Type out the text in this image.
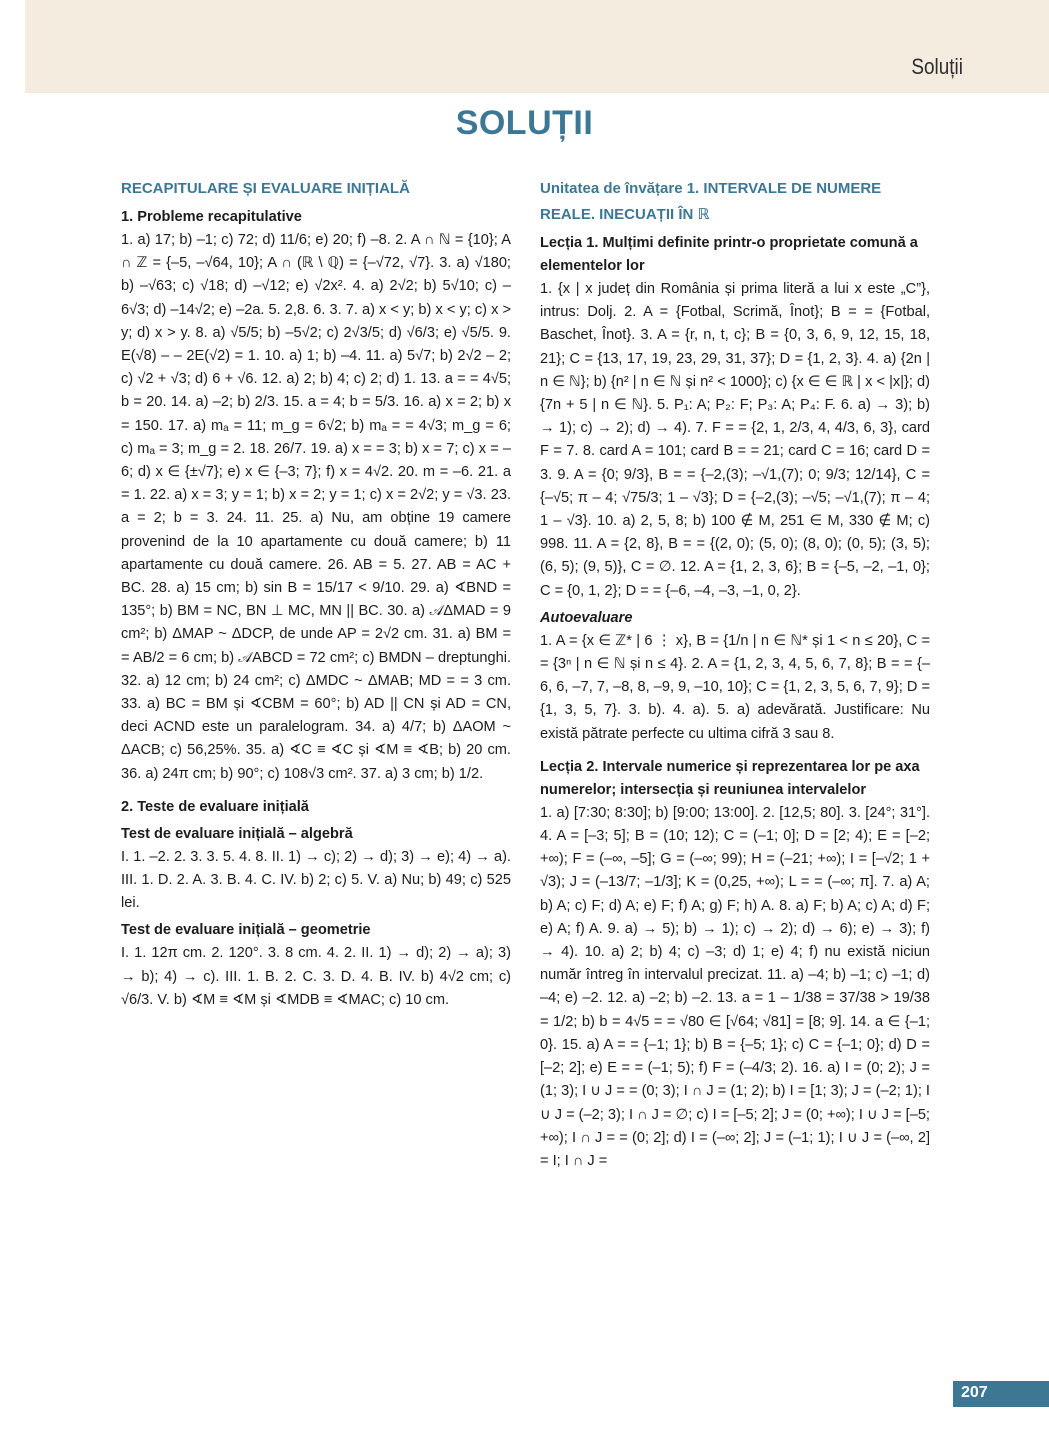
Soluții
SOLUȚII
RECAPITULARE ȘI EVALUARE INIȚIALĂ
1. Probleme recapitulative

1. a) 17; b) –1; c) 72; d) 11/6; e) 20; f) –8. 2. A ∩ ℕ = {10}; A ∩ ℤ = {–5, –√64, 10}; A ∩ (ℝ \ ℚ) = {–√72, √7}. 3. a) √180; b) –√63; c) √18; d) –√12; e) √2x². 4. a) 2√2; b) 5√10; c) –6√3; d) –14√2; e) –2a. 5. 2,8. 6. 3. 7. a) x < y; b) x < y; c) x > y; d) x > y. 8. a) √5/5; b) –5√2; c) 2√3/5; d) √6/3; e) √5/5. 9. E(√8) – – 2E(√2) = 1. 10. a) 1; b) –4. 11. a) 5√7; b) 2√2 – 2; c) √2 + √3; d) 6 + √6. 12. a) 2; b) 4; c) 2; d) 1. 13. a = = 4√5; b = 20. 14. a) –2; b) 2/3. 15. a = 4; b = 5/3. 16. a) x = 2; b) x = 150. 17. a) mₐ = 11; m_g = 6√2; b) mₐ = = 4√3; m_g = 6; c) mₐ = 3; m_g = 2. 18. 26/7. 19. a) x = = 3; b) x = 7; c) x = –6; d) x ∈ {±√7}; e) x ∈ {–3; 7}; f) x = 4√2. 20. m = –6. 21. a = 1. 22. a) x = 3; y = 1; b) x = 2; y = 1; c) x = 2√2; y = √3. 23. a = 2; b = 3. 24. 11. 25. a) Nu, am obține 19 camere provenind de la 10 apartamente cu două camere; b) 11 apartamente cu două camere. 26. AB = 5. 27. AB = AC + BC. 28. a) 15 cm; b) sin B = 15/17 < 9/10. 29. a) ∢BND = 135°; b) BM = NC, BN ⊥ MC, MN || BC. 30. a) 𝒜ΔMAD = 9 cm²; b) ΔMAP ~ ΔDCP, de unde AP = 2√2 cm. 31. a) BM = = AB/2 = 6 cm; b) 𝒜ABCD = 72 cm²; c) BMDN – dreptunghi. 32. a) 12 cm; b) 24 cm²; c) ΔMDC ~ ΔMAB; MD = = 3 cm. 33. a) BC = BM și ∢CBM = 60°; b) AD || CN și AD = CN, deci ACND este un paralelogram. 34. a) 4/7; b) ΔAOM ~ ΔACB; c) 56,25%. 35. a) ∢C ≡ ∢C și ∢M ≡ ∢B; b) 20 cm. 36. a) 24π cm; b) 90°; c) 108√3 cm². 37. a) 3 cm; b) 1/2.

2. Teste de evaluare inițială
Test de evaluare inițială – algebră

I. 1. –2. 2. 3. 3. 5. 4. 8. II. 1) → c); 2) → d); 3) → e); 4) → a). III. 1. D. 2. A. 3. B. 4. C. IV. b) 2; c) 5. V. a) Nu; b) 49; c) 525 lei.

Test de evaluare inițială – geometrie

I. 1. 12π cm. 2. 120°. 3. 8 cm. 4. 2. II. 1) → d); 2) → a); 3) → b); 4) → c). III. 1. B. 2. C. 3. D. 4. B. IV. b) 4√2 cm; c) √6/3. V. b) ∢M ≡ ∢M și ∢MDB ≡ ∢MAC; c) 10 cm.

Unitatea de învățare 1. INTERVALE DE NUMERE REALE. INECUAȚII ÎN ℝ
Lecția 1. Mulțimi definite printr-o proprietate comună a elementelor lor

1. {x | x județ din România și prima literă a lui x este „C”}, intrus: Dolj. 2. A = {Fotbal, Scrimă, Înot}; B = = {Fotbal, Baschet, Înot}. 3. A = {r, n, t, c}; B = {0, 3, 6, 9, 12, 15, 18, 21}; C = {13, 17, 19, 23, 29, 31, 37}; D = {1, 2, 3}. 4. a) {2n | n ∈ ℕ}; b) {n² | n ∈ ℕ și n² < 1000}; c) {x ∈ ∈ ℝ | x < |x|}; d) {7n + 5 | n ∈ ℕ}. 5. P₁: A; P₂: F; P₃: A; P₄: F. 6. a) → 3); b) → 1); c) → 2); d) → 4). 7. F = = {2, 1, 2/3, 4, 4/3, 6, 3}, card F = 7. 8. card A = 101; card B = = 21; card C = 16; card D = 3. 9. A = {0; 9/3}, B = = {–2,(3); –√1,(7); 0; 9/3; 12/14}, C = {–√5; π – 4; √75/3; 1 – √3}; D = {–2,(3); –√5; –√1,(7); π – 4; 1 – √3}. 10. a) 2, 5, 8; b) 100 ∉ M, 251 ∈ M, 330 ∉ M; c) 998. 11. A = {2, 8}, B = = {(2, 0); (5, 0); (8, 0); (0, 5); (3, 5); (6, 5); (9, 5)}, C = ∅. 12. A = {1, 2, 3, 6}; B = {–5, –2, –1, 0}; C = {0, 1, 2}; D = = {–6, –4, –3, –1, 0, 2}.

Autoevaluare

1. A = {x ∈ ℤ* | 6 ⋮ x}, B = {1/n | n ∈ ℕ* și 1 < n ≤ 20}, C = = {3ⁿ | n ∈ ℕ și n ≤ 4}. 2. A = {1, 2, 3, 4, 5, 6, 7, 8}; B = = {–6, 6, –7, 7, –8, 8, –9, 9, –10, 10}; C = {1, 2, 3, 5, 6, 7, 9}; D = {1, 3, 5, 7}. 3. b). 4. a). 5. a) adevărată. Justificare: Nu există pătrate perfecte cu ultima cifră 3 sau 8.

Lecția 2. Intervale numerice și reprezentarea lor pe axa numerelor; intersecția și reuniunea intervalelor

1. a) [7:30; 8:30]; b) [9:00; 13:00]. 2. [12,5; 80]. 3. [24°; 31°]. 4. A = [–3; 5]; B = (10; 12); C = (–1; 0]; D = [2; 4); E = [–2; +∞); F = (–∞, –5]; G = (–∞; 99); H = (–21; +∞); I = [–√2; 1 + √3); J = (–13/7; –1/3]; K = (0,25, +∞); L = = (–∞; π]. 7. a) A; b) A; c) F; d) A; e) F; f) A; g) F; h) A. 8. a) F; b) A; c) A; d) F; e) A; f) A. 9. a) → 5); b) → 1); c) → 2); d) → 6); e) → 3); f) → 4). 10. a) 2; b) 4; c) –3; d) 1; e) 4; f) nu există niciun număr întreg în intervalul precizat. 11. a) –4; b) –1; c) –1; d) –4; e) –2. 12. a) –2; b) –2. 13. a = 1 – 1/38 = 37/38 > 19/38 = 1/2; b) b = 4√5 = = √80 ∈ [√64; √81] = [8; 9]. 14. a ∈ {–1; 0}. 15. a) A = = {–1; 1}; b) B = {–5; 1}; c) C = {–1; 0}; d) D = [–2; 2]; e) E = = (–1; 5); f) F = (–4/3; 2). 16. a) I = (0; 2); J = (1; 3); I ∪ J = = (0; 3); I ∩ J = (1; 2); b) I = [1; 3); J = (–2; 1); I ∪ J = (–2; 3); I ∩ J = ∅; c) I = [–5; 2]; J = (0; +∞); I ∪ J = [–5; +∞); I ∩ J = = (0; 2]; d) I = (–∞; 2]; J = (–1; 1); I ∪ J = (–∞, 2] = I; I ∩ J =

207
